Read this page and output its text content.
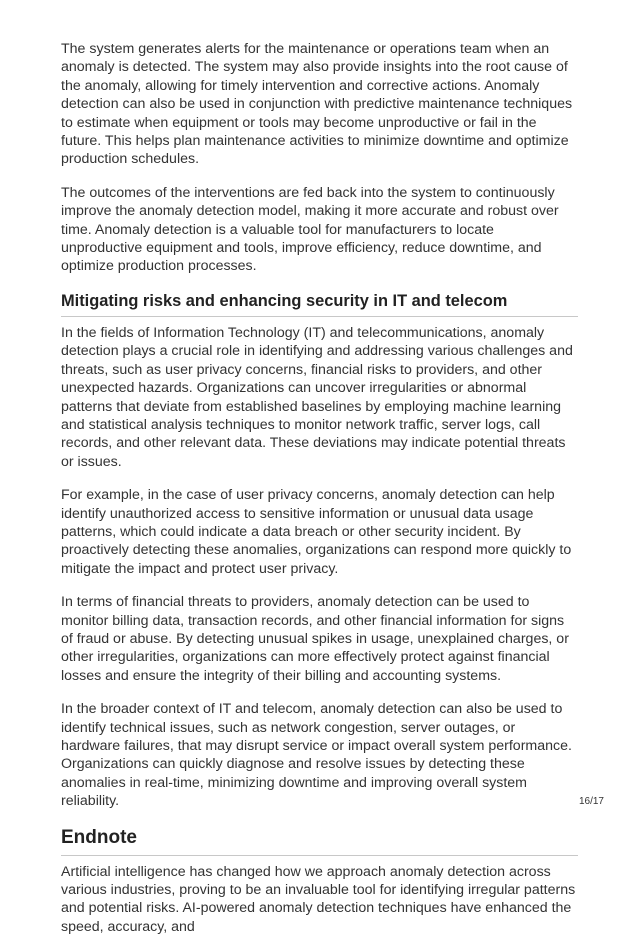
The system generates alerts for the maintenance or operations team when an anomaly is detected. The system may also provide insights into the root cause of the anomaly, allowing for timely intervention and corrective actions. Anomaly detection can also be used in conjunction with predictive maintenance techniques to estimate when equipment or tools may become unproductive or fail in the future. This helps plan maintenance activities to minimize downtime and optimize production schedules.

The outcomes of the interventions are fed back into the system to continuously improve the anomaly detection model, making it more accurate and robust over time. Anomaly detection is a valuable tool for manufacturers to locate unproductive equipment and tools, improve efficiency, reduce downtime, and optimize production processes.

Mitigating risks and enhancing security in IT and telecom

In the fields of Information Technology (IT) and telecommunications, anomaly detection plays a crucial role in identifying and addressing various challenges and threats, such as user privacy concerns, financial risks to providers, and other unexpected hazards. Organizations can uncover irregularities or abnormal patterns that deviate from established baselines by employing machine learning and statistical analysis techniques to monitor network traffic, server logs, call records, and other relevant data. These deviations may indicate potential threats or issues.

For example, in the case of user privacy concerns, anomaly detection can help identify unauthorized access to sensitive information or unusual data usage patterns, which could indicate a data breach or other security incident. By proactively detecting these anomalies, organizations can respond more quickly to mitigate the impact and protect user privacy.

In terms of financial threats to providers, anomaly detection can be used to monitor billing data, transaction records, and other financial information for signs of fraud or abuse. By detecting unusual spikes in usage, unexplained charges, or other irregularities, organizations can more effectively protect against financial losses and ensure the integrity of their billing and accounting systems.

In the broader context of IT and telecom, anomaly detection can also be used to identify technical issues, such as network congestion, server outages, or hardware failures, that may disrupt service or impact overall system performance. Organizations can quickly diagnose and resolve issues by detecting these anomalies in real-time, minimizing downtime and improving overall system reliability.

Endnote

Artificial intelligence has changed how we approach anomaly detection across various industries, proving to be an invaluable tool for identifying irregular patterns and potential risks. AI-powered anomaly detection techniques have enhanced the speed, accuracy, and

16/17
